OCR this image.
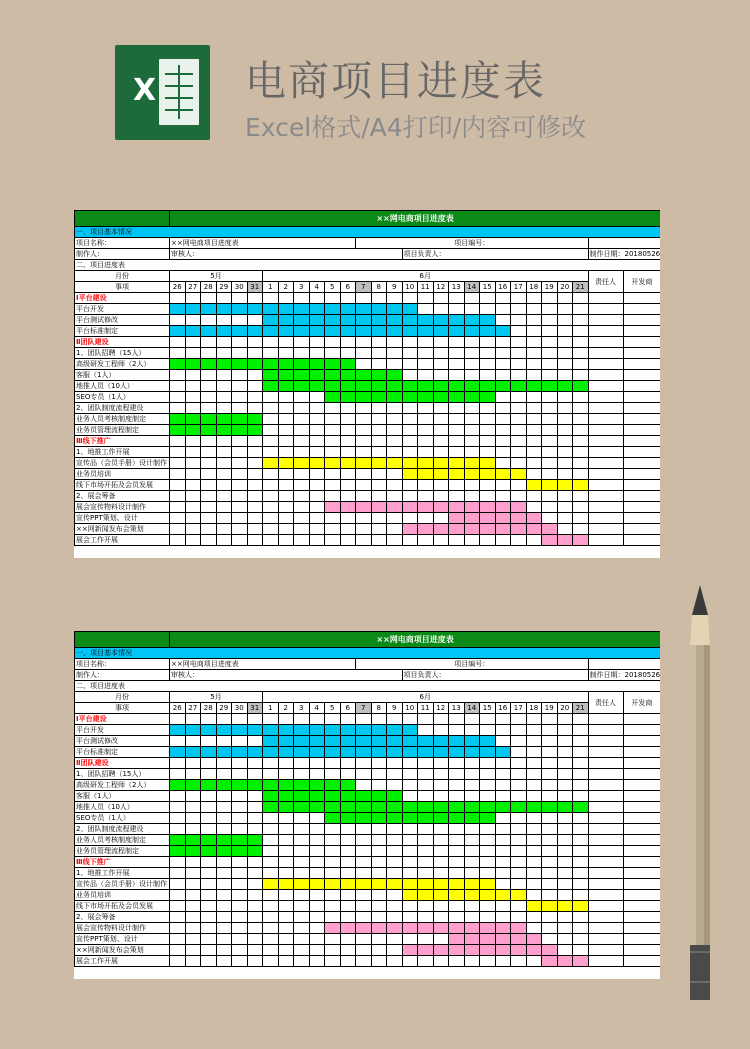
X 电商项目进度表
Excel格式/A4打印/内容可修改
	××网电商项目进度表																												
一、项目基本情况																													
项目名称：	××网电商项目进度表												项目编号：																
制作人：	审核人：															项目负责人：												制作日期：20180526	
二、项目进度表																													
月份	5月						6月																					责任人	开发商
事项	26	27	28	29	30	31	1	2	3	4	5	6	7	8	9	10	11	12	13	14	15	16	17	18	19	20	21		
Ⅰ平台建设																													
平台开发																													
平台测试修改																													
平台标准制定																													
Ⅱ团队建设																													
1、团队招聘（15人）																													
高级研发工程师（2人）																													
客服（1人）																													
地推人员（10人）																													
SEO专员（1人）																													
2、团队制度流程建设																													
业务人员考核制度制定																													
业务员管理流程制定																													
Ⅲ线下推广																													
1、地推工作开展																													
宣传品（会员手册）设计制作																													
业务员培训																													
线下市场开拓及会员发展																													
2、展会筹备																													
展会宣传物料设计制作																													
宣传PPT策划、设计																													
××网新闻发布会策划																													
展会工作开展																													

	××网电商项目进度表																												
一、项目基本情况																													
项目名称：	××网电商项目进度表												项目编号：																
制作人：	审核人：															项目负责人：												制作日期：20180526	
二、项目进度表																													
月份	5月						6月																					责任人	开发商
事项	26	27	28	29	30	31	1	2	3	4	5	6	7	8	9	10	11	12	13	14	15	16	17	18	19	20	21		
Ⅰ平台建设																													
平台开发																													
平台测试修改																													
平台标准制定																													
Ⅱ团队建设																													
1、团队招聘（15人）																													
高级研发工程师（2人）																													
客服（1人）																													
地推人员（10人）																													
SEO专员（1人）																													
2、团队制度流程建设																													
业务人员考核制度制定																													
业务员管理流程制定																													
Ⅲ线下推广																													
1、地推工作开展																													
宣传品（会员手册）设计制作																													
业务员培训																													
线下市场开拓及会员发展																													
2、展会筹备																													
展会宣传物料设计制作																													
宣传PPT策划、设计																													
××网新闻发布会策划																													
展会工作开展																													
